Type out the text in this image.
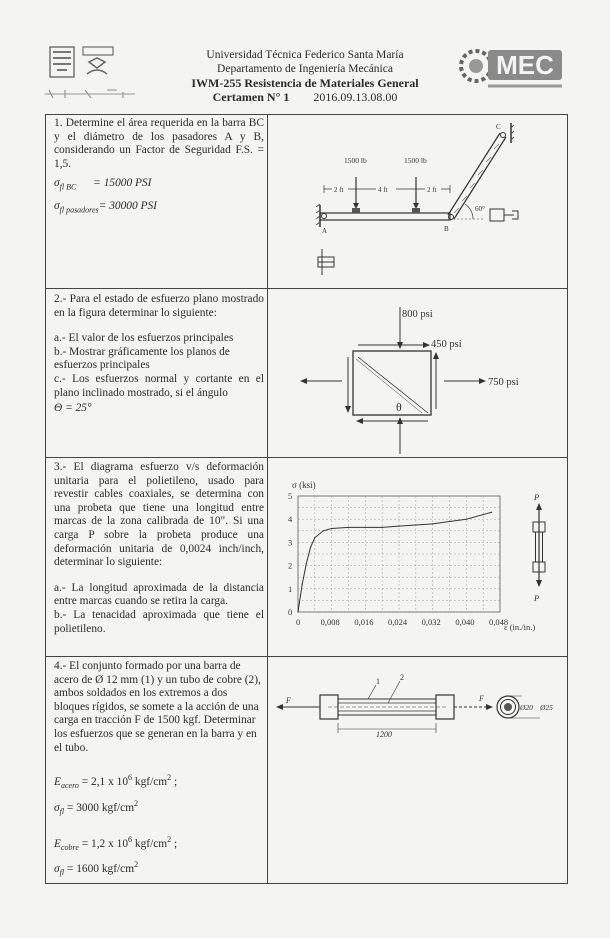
Universidad Técnica Federico Santa María
Departamento de Ingeniería Mecánica
IWM-255 Resistencia de Materiales General
Certamen N° 1 2016.09.13.08.00
MEC

1. Determine el área requerida en la barra BC y el diámetro de los pasadores A y B, considerando un Factor de Seguridad F.S. = 1,5.

$\sigma_{fl BC} = 15000$ PSI

$\sigma_{fl pasadores}= 30000$ PSI

1500 lb	1500 lb
2 ft	4 ft	2 ft
C
60°
A	B

2.- Para el estado de esfuerzo plano mostrado en la figura determinar lo siguiente:

a.- El valor de los esfuerzos principales

b.- Mostrar gráficamente los planos de esfuerzos principales

c.- Los esfuerzos normal y cortante en el plano inclinado mostrado, si el ángulo

Θ = 25°

800 psi
450 psi
750 psi
θ

3.- El diagrama esfuerzo v/s deformación unitaria para el polietileno, usado para revestir cables coaxiales, se determina con una probeta que tiene una longitud entre marcas de la zona calibrada de 10". Si una carga P sobre la probeta produce una deformación unitaria de 0,0024 inch/inch, determinar lo siguiente:

a.- La longitud aproximada de la distancia entre marcas cuando se retira la carga.

b.- La tenacidad aproximada que tiene el polietileno.

σ (ksi)
ε (in./in.)
0 0,008 0,016 0,024 0,032 0,040 0,048
1
2
3
4
5
0
P
P

4.- El conjunto formado por una barra de acero de Ø 12 mm (1) y un tubo de cobre (2), ambos soldados en los extremos a dos bloques rígidos, se somete a la acción de una carga en tracción F de 1500 kgf. Determinar los esfuerzos que se generan en la barra y en el tubo.

$E_{acero} = 2,1$ x $10^6$ kgf/$cm^2$ ;

$\sigma_{fl} = 3000$ kgf/$cm^2$

$E_{cobre} = 1,2$ x $10^6$ kgf/$cm^2$ ;

$\sigma_{fl} = 1600$ kgf/$cm^2$

F
1	2
F
1200
Ø20 Ø25
